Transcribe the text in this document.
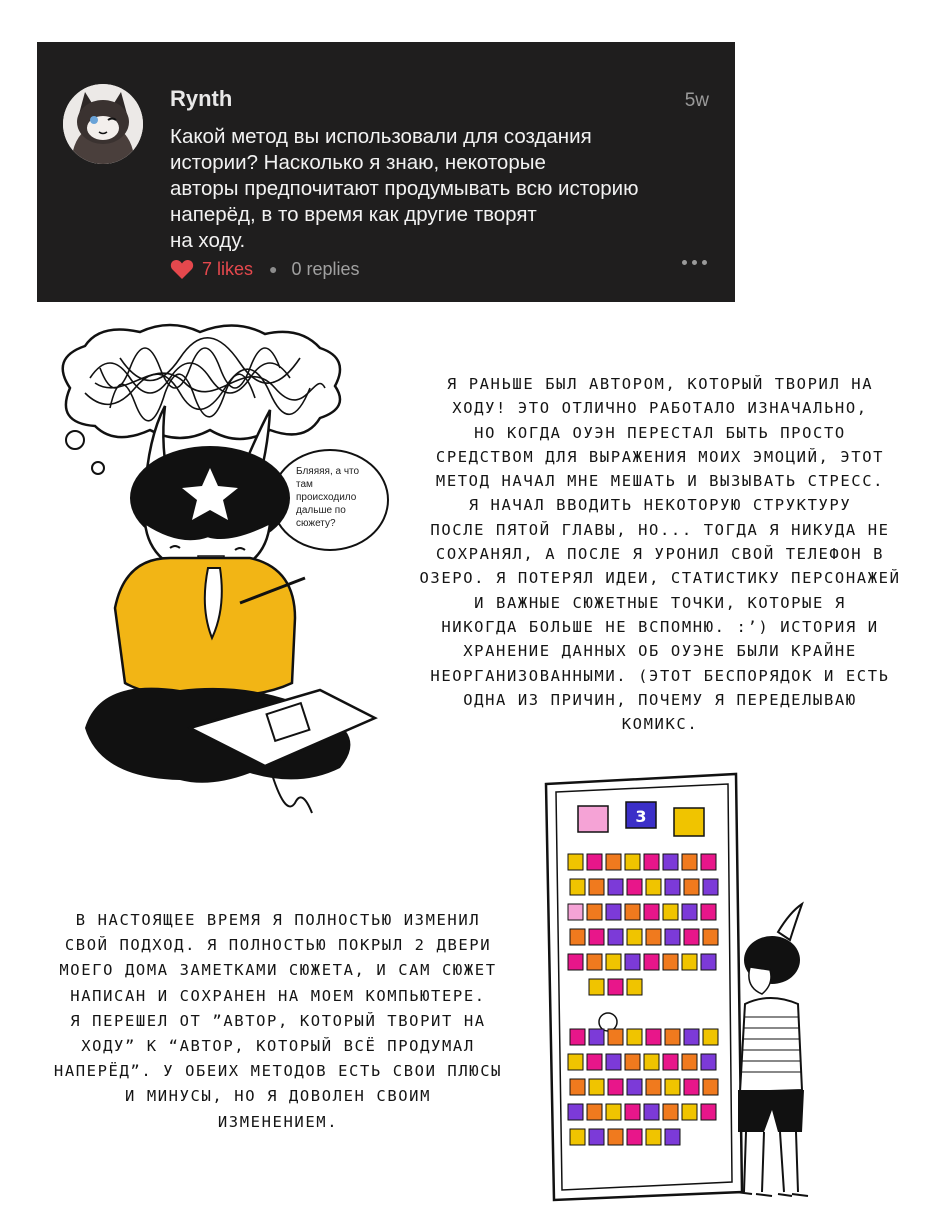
Rynth	5w
Какой метод вы использовали для создания
истории? Насколько я знаю, некоторые
авторы предпочитают продумывать всю историю
наперёд, в то время как другие творят
на ходу.
7 likes ● 0 replies
Бляяяя, а что
там
происходило
дальше по
сюжету?
Я РАНЬШЕ БЫЛ АВТОРОМ, КОТОРЫЙ ТВОРИЛ НА
ХОДУ! ЭТО ОТЛИЧНО РАБОТАЛО ИЗНАЧАЛЬНО,
НО КОГДА ОУЭН ПЕРЕСТАЛ БЫТЬ ПРОСТО
СРЕДСТВОМ ДЛЯ ВЫРАЖЕНИЯ МОИХ ЭМОЦИЙ, ЭТОТ
МЕТОД НАЧАЛ МНЕ МЕШАТЬ И ВЫЗЫВАТЬ СТРЕСС.
Я НАЧАЛ ВВОДИТЬ НЕКОТОРУЮ СТРУКТУРУ
ПОСЛЕ ПЯТОЙ ГЛАВЫ, НО... ТОГДА Я НИКУДА НЕ
СОХРАНЯЛ, А ПОСЛЕ Я УРОНИЛ СВОЙ ТЕЛЕФОН В
ОЗЕРО. Я ПОТЕРЯЛ ИДЕИ, СТАТИСТИКУ ПЕРСОНАЖЕЙ
И ВАЖНЫЕ СЮЖЕТНЫЕ ТОЧКИ, КОТОРЫЕ Я
НИКОГДА БОЛЬШЕ НЕ ВСПОМНЮ. :’) ИСТОРИЯ И
ХРАНЕНИЕ ДАННЫХ ОБ ОУЭНЕ БЫЛИ КРАЙНЕ
НЕОРГАНИЗОВАННЫМИ. (ЭТОТ БЕСПОРЯДОК И ЕСТЬ
ОДНА ИЗ ПРИЧИН, ПОЧЕМУ Я ПЕРЕДЕЛЫВАЮ
КОМИКС.
В НАСТОЯЩЕЕ ВРЕМЯ Я ПОЛНОСТЬЮ ИЗМЕНИЛ
СВОЙ ПОДХОД. Я ПОЛНОСТЬЮ ПОКРЫЛ 2 ДВЕРИ
МОЕГО ДОМА ЗАМЕТКАМИ СЮЖЕТА, И САМ СЮЖЕТ
НАПИСАН И СОХРАНЕН НА МОЕМ КОМПЬЮТЕРЕ.
Я ПЕРЕШЕЛ ОТ ”АВТОР, КОТОРЫЙ ТВОРИТ НА
ХОДУ” К “АВТОР, КОТОРЫЙ ВСЁ ПРОДУМАЛ
НАПЕРЁД”. У ОБЕИХ МЕТОДОВ ЕСТЬ СВОИ ПЛЮСЫ
И МИНУСЫ, НО Я ДОВОЛЕН СВОИМ
ИЗМЕНЕНИЕМ.
3
